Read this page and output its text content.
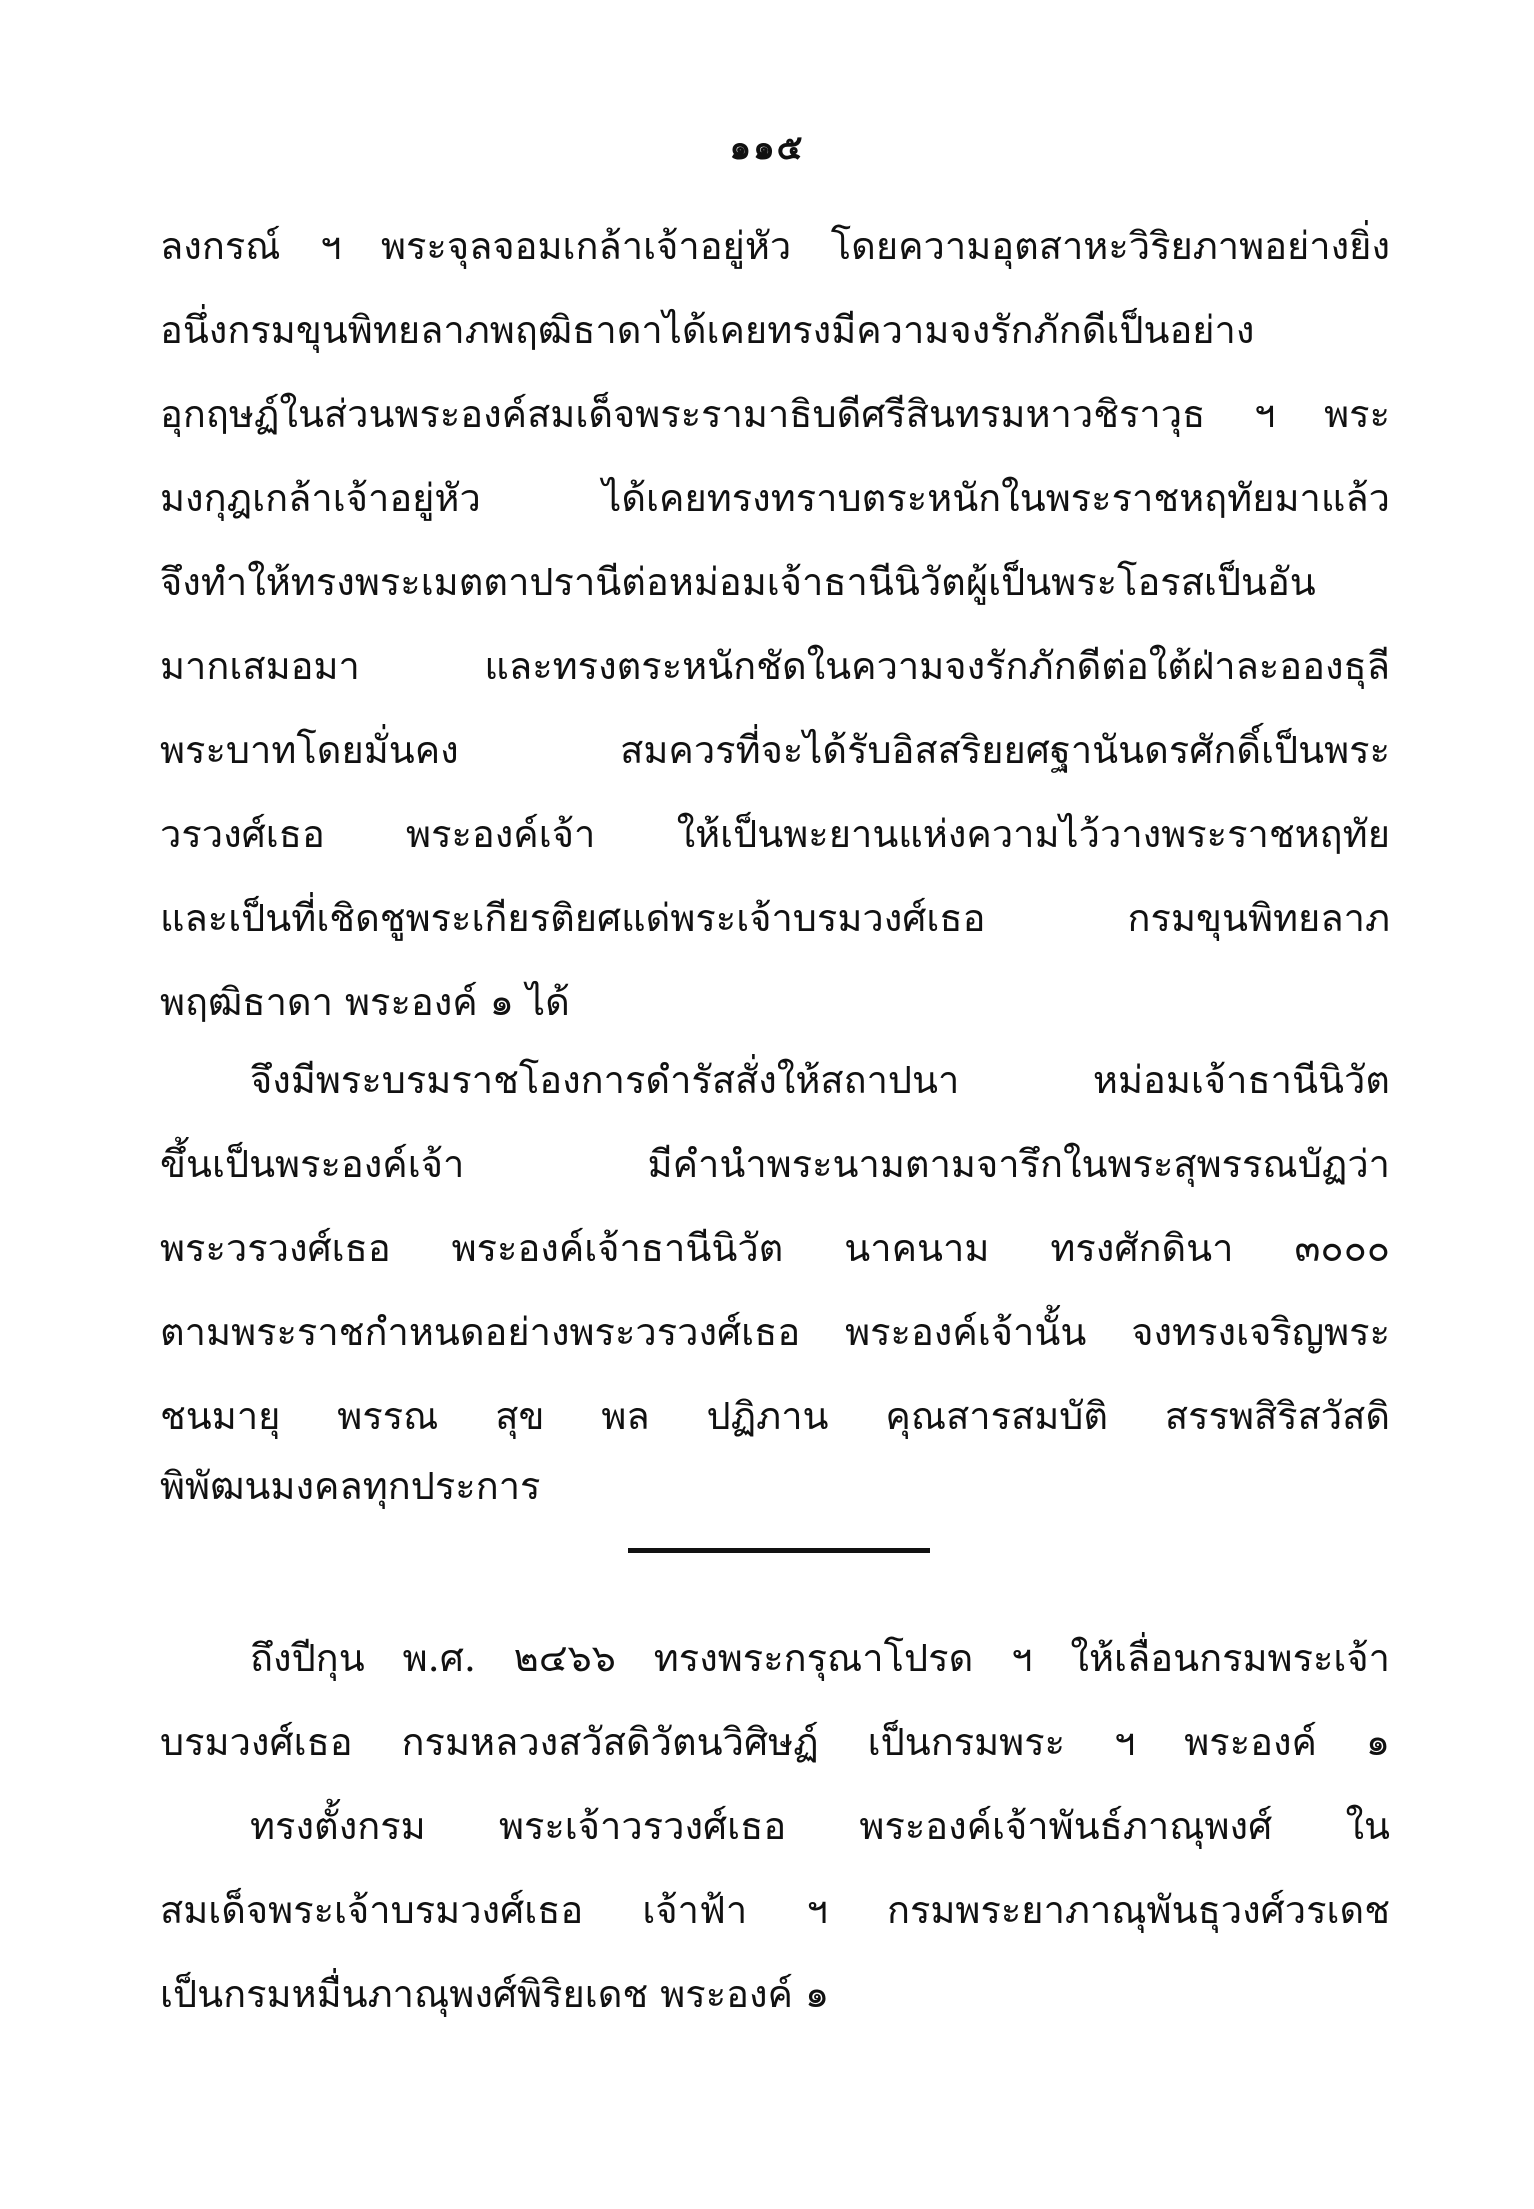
๑๑๕
ลงกรณ์ ฯ พระจุลจอมเกล้าเจ้าอยู่หัว โดยความอุตสาหะวิริยภาพอย่างยิ่ง
อนึ่งกรมขุนพิทยลาภพฤฒิธาดาได้เคยทรงมีความจงรักภักดีเป็นอย่าง
อุกฤษฏ์ในส่วนพระองค์สมเด็จพระรามาธิบดีศรีสินทรมหาวชิราวุธ ฯ พระ
มงกุฎเกล้าเจ้าอยู่หัว ได้เคยทรงทราบตระหนักในพระราชหฤทัยมาแล้ว
จึงทำให้ทรงพระเมตตาปรานีต่อหม่อมเจ้าธานีนิวัตผู้เป็นพระโอรสเป็นอัน
มากเสมอมา และทรงตระหนักชัดในความจงรักภักดีต่อใต้ฝ่าละอองธุลี
พระบาทโดยมั่นคง สมควรที่จะได้รับอิสสริยยศฐานันดรศักดิ์เป็นพระ
วรวงศ์เธอ พระองค์เจ้า ให้เป็นพะยานแห่งความไว้วางพระราชหฤทัย
และเป็นที่เชิดชูพระเกียรติยศแด่พระเจ้าบรมวงศ์เธอ กรมขุนพิทยลาภ
พฤฒิธาดา พระองค์ ๑ ได้
จึงมีพระบรมราชโองการดำรัสสั่งให้สถาปนา หม่อมเจ้าธานีนิวัต
ขึ้นเป็นพระองค์เจ้า มีคำนำพระนามตามจารึกในพระสุพรรณบัฏว่า
พระวรวงศ์เธอ พระองค์เจ้าธานีนิวัต นาคนาม ทรงศักดินา ๓๐๐๐
ตามพระราชกำหนดอย่างพระวรวงศ์เธอ พระองค์เจ้านั้น จงทรงเจริญพระ
ชนมายุ พรรณ สุข พล ปฏิภาน คุณสารสมบัติ สรรพสิริสวัสดิ
พิพัฒนมงคลทุกประการ
ถึงปีกุน พ.ศ. ๒๔๖๖ ทรงพระกรุณาโปรด ฯ ให้เลื่อนกรมพระเจ้า
บรมวงศ์เธอ กรมหลวงสวัสดิวัตนวิศิษฏ์ เป็นกรมพระ ฯ พระองค์ ๑
ทรงตั้งกรม พระเจ้าวรวงศ์เธอ พระองค์เจ้าพันธ์ภาณุพงศ์ ใน
สมเด็จพระเจ้าบรมวงศ์เธอ เจ้าฟ้า ฯ กรมพระยาภาณุพันธุวงศ์วรเดช
เป็นกรมหมื่นภาณุพงศ์พิริยเดช พระองค์ ๑
